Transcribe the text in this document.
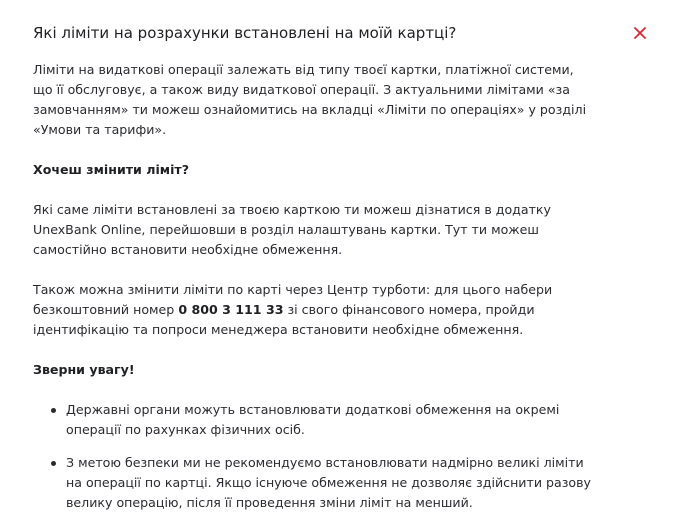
Які ліміти на розрахунки встановлені на моїй картці?

Ліміти на видаткові операції залежать від типу твоєї картки, платіжної системи, що її обслуговує, а також виду видаткової операції. З актуальними лімітами «за замовчанням» ти можеш ознайомитись на вкладці «Ліміти по операціях» у розділі «Умови та тарифи».

Хочеш змінити ліміт?

Які саме ліміти встановлені за твоєю карткою ти можеш дізнатися в додатку UnexBank Online, перейшовши в розділ налаштувань картки. Тут ти можеш самостійно встановити необхідне обмеження.

Також можна змінити ліміти по карті через Центр турботи: для цього набери безкоштовний номер 0 800 3 111 33 зі свого фінансового номера, пройди ідентифікацію та попроси менеджера встановити необхідне обмеження.

Зверни увагу!

Державні органи можуть встановлювати додаткові обмеження на окремі операції по рахунках фізичних осіб.
З метою безпеки ми не рекомендуємо встановлювати надмірно великі ліміти на операції по картці. Якщо існуюче обмеження не дозволяє здійснити разову велику операцію, після її проведення зміни ліміт на менший.
